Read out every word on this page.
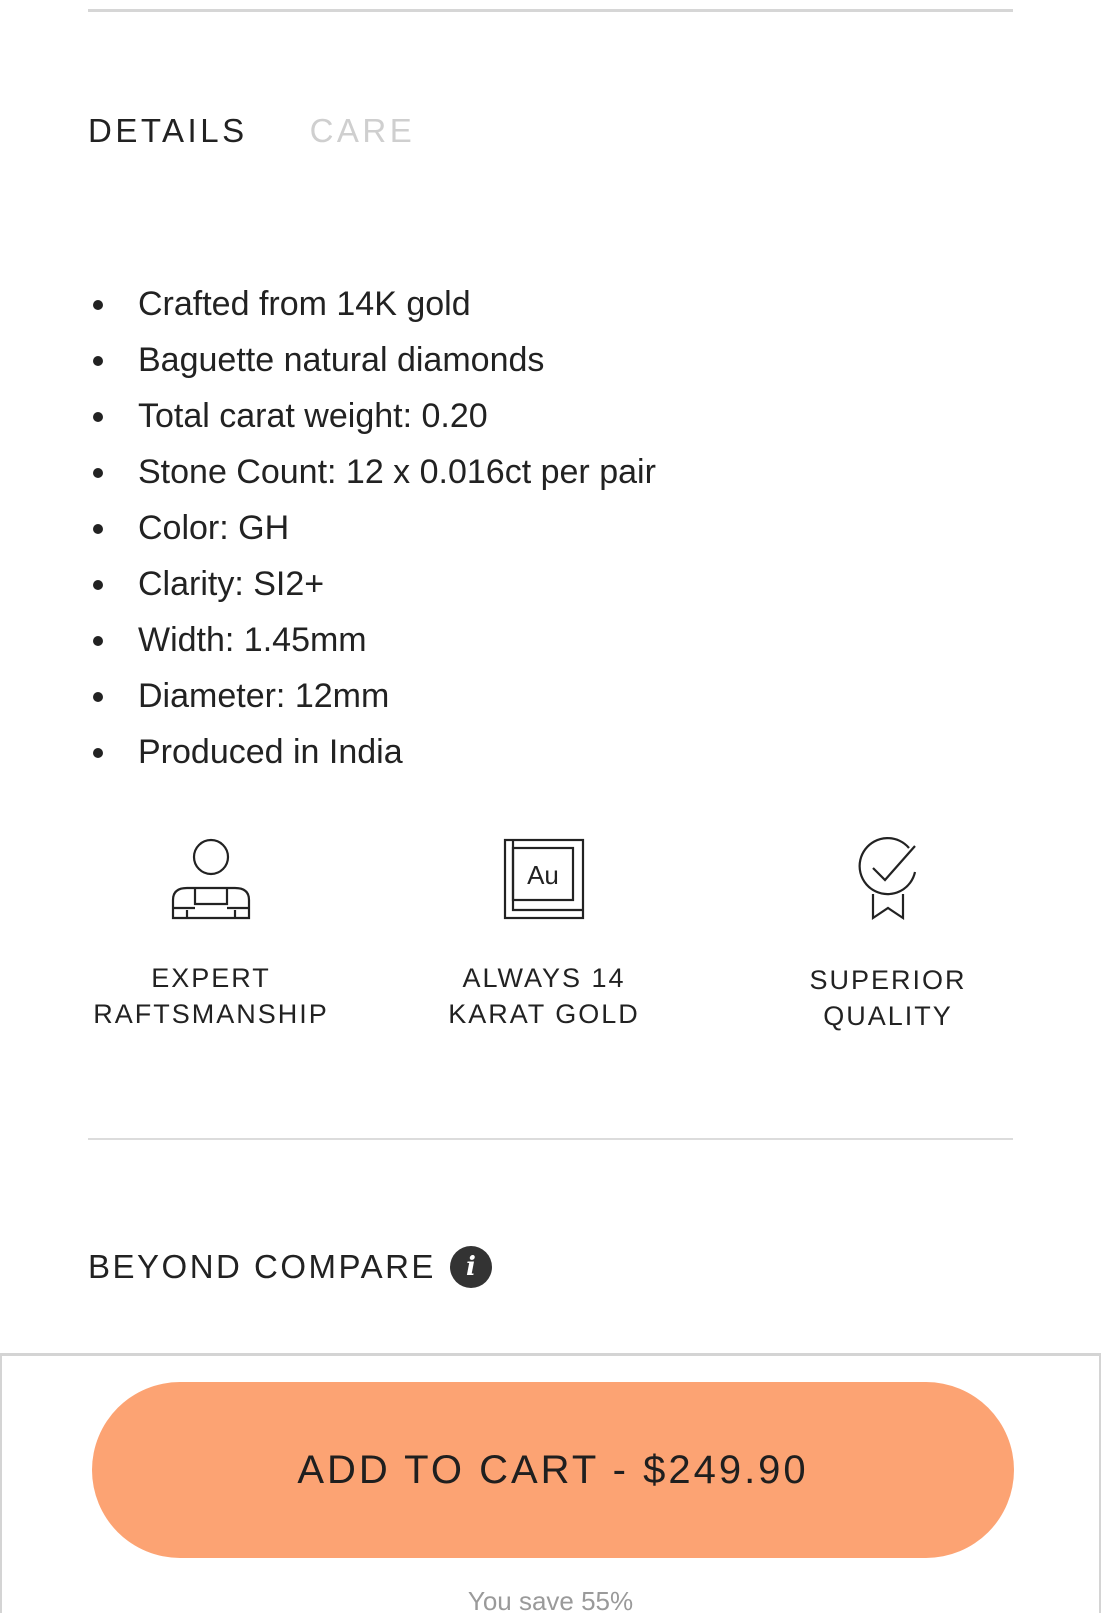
DETAILS CARE
Crafted from 14K gold
Baguette natural diamonds
Total carat weight: 0.20
Stone Count: 12 x 0.016ct per pair
Color: GH
Clarity: SI2+
Width: 1.45mm
Diameter: 12mm
Produced in India
EXPERT
RAFTSMANSHIP
Au
ALWAYS 14
KARAT GOLD
SUPERIOR
QUALITY
BEYOND COMPARE	i
ADD TO CART - $249.90
You save 55%
